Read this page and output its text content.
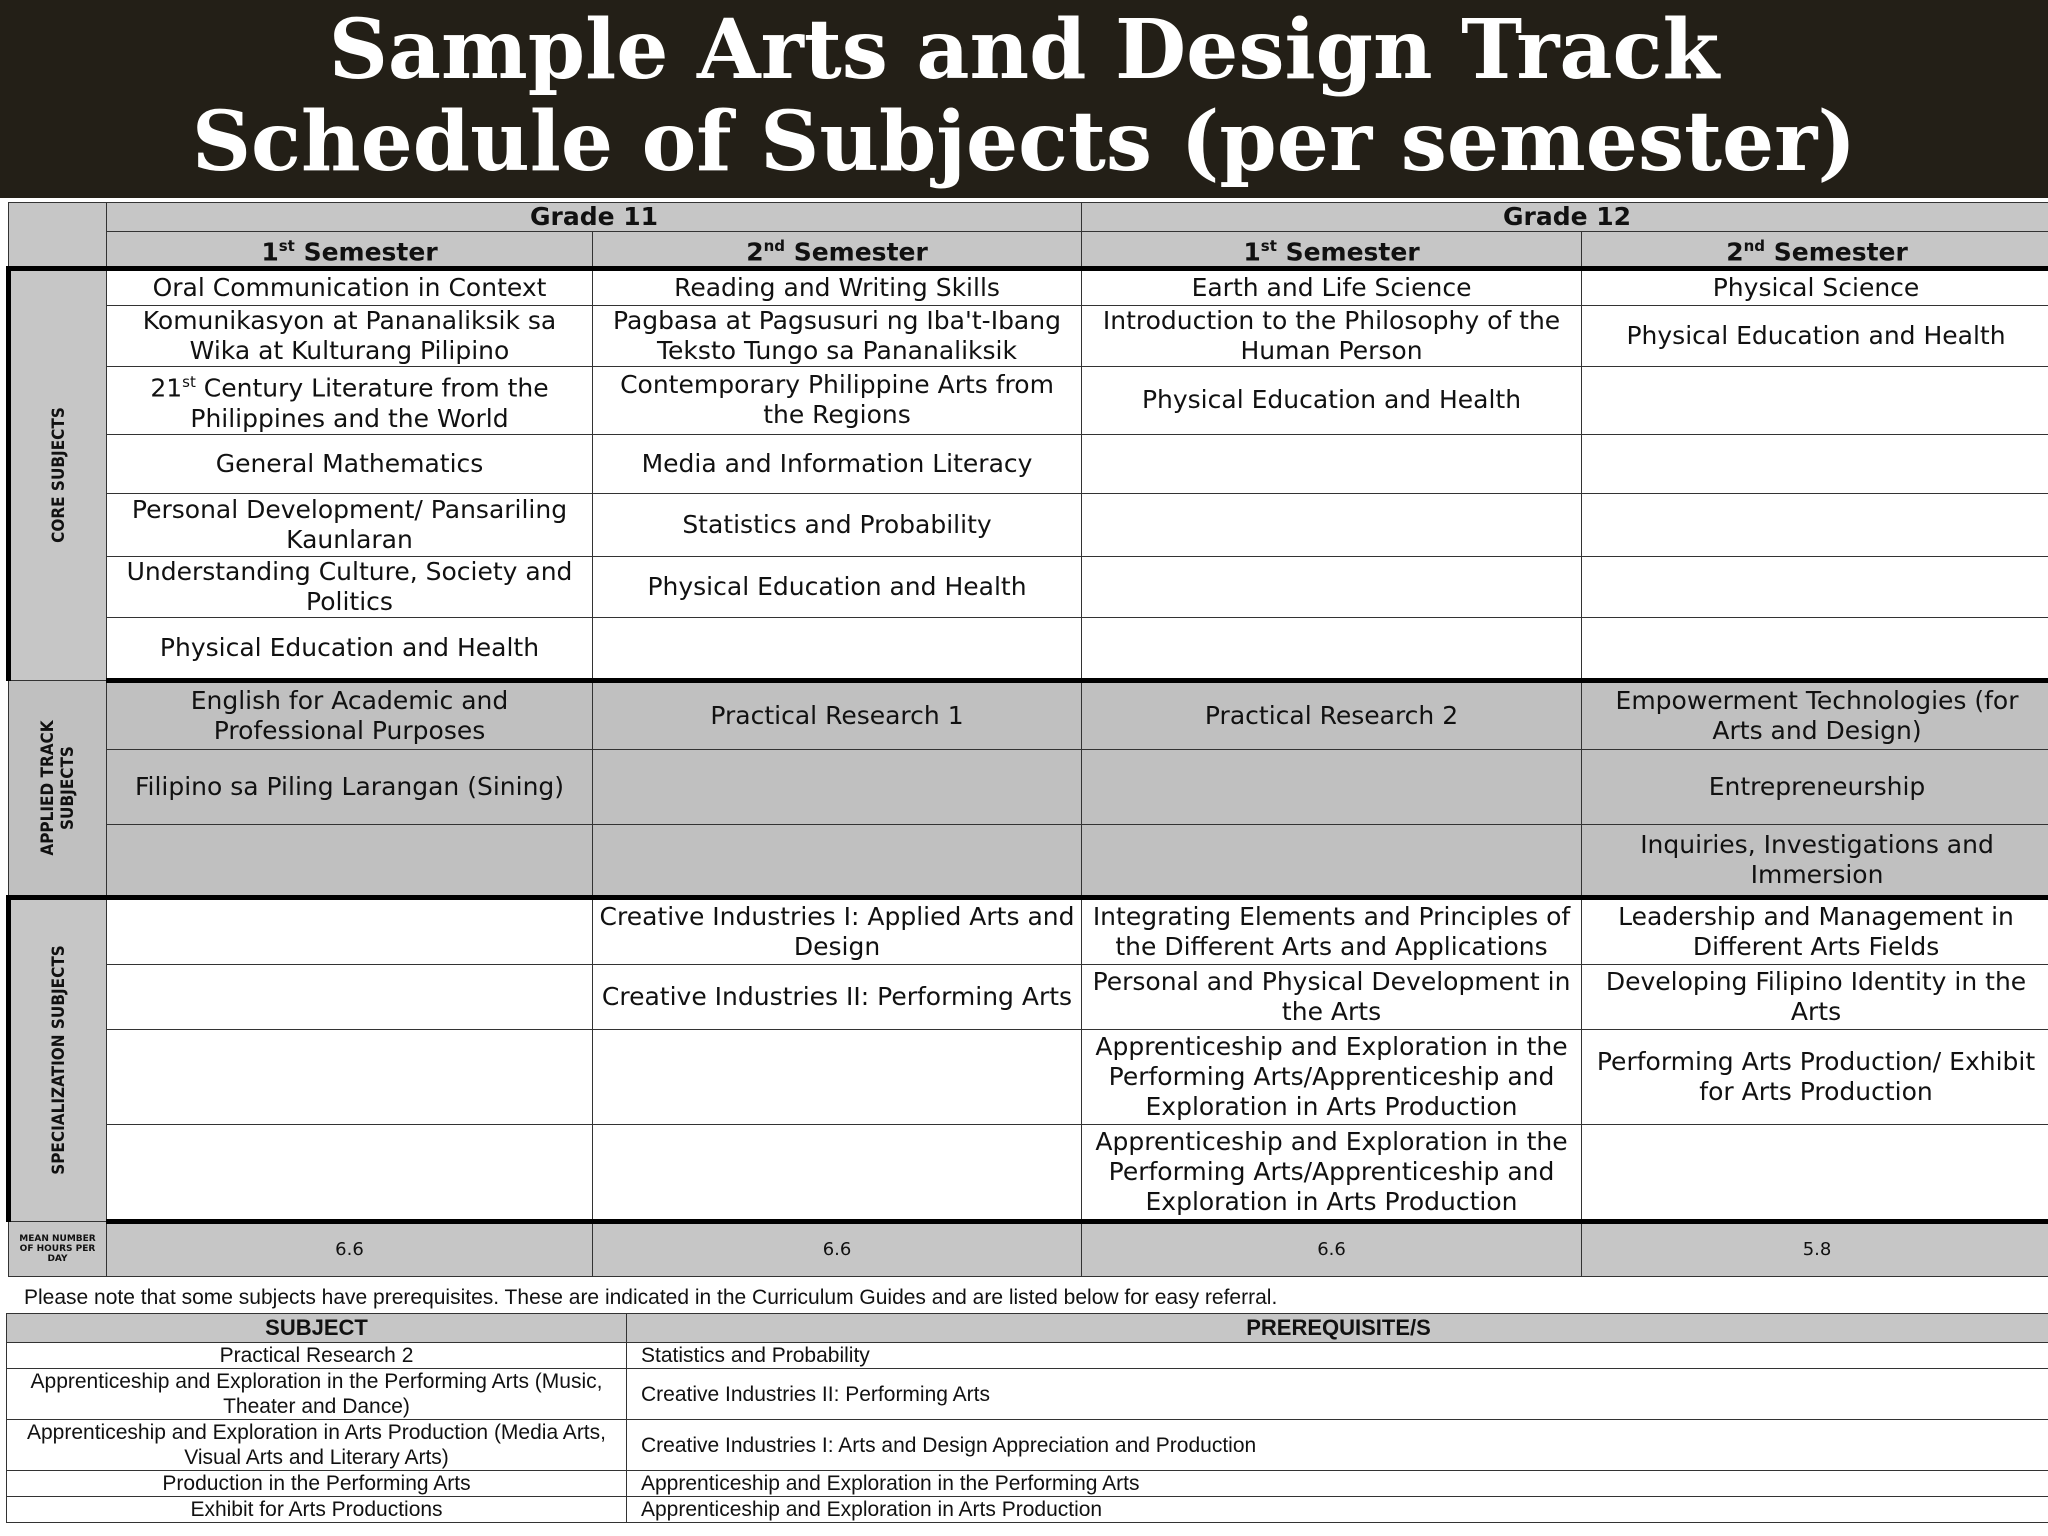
Sample Arts and Design Track
Schedule of Subjects (per semester)
	Grade 11		Grade 12	
	1st Semester	2nd Semester	1st Semester	2nd Semester

CORE SUBJECTS	Oral Communication in Context	Reading and Writing Skills	Earth and Life Science	Physical Science
	Komunikasyon at Pananaliksik sa Wika at Kulturang Pilipino	Pagbasa at Pagsusuri ng Iba't-Ibang Teksto Tungo sa Pananaliksik	Introduction to the Philosophy of the Human Person	Physical Education and Health
	21st Century Literature from the Philippines and the World	Contemporary Philippine Arts from the Regions	Physical Education and Health	
	General Mathematics	Media and Information Literacy		
	Personal Development/ Pansariling Kaunlaran	Statistics and Probability		
	Understanding Culture, Society and Politics	Physical Education and Health		
	Physical Education and Health			

APPLIED TRACK
SUBJECTS	English for Academic and Professional Purposes	Practical Research 1	Practical Research 2	Empowerment Technologies (for Arts and Design)
	Filipino sa Piling Larangan (Sining)			Entrepreneurship
				Inquiries, Investigations and Immersion

SPECIALIZATION SUBJECTS		Creative Industries I: Applied Arts and Design	Integrating Elements and Principles of the Different Arts and Applications	Leadership and Management in Different Arts Fields
		Creative Industries II: Performing Arts	Personal and Physical Development in the Arts	Developing Filipino Identity in the Arts
			Apprenticeship and Exploration in the Performing Arts/Apprenticeship and Exploration in Arts Production	Performing Arts Production/ Exhibit for Arts Production
			Apprenticeship and Exploration in the Performing Arts/Apprenticeship and Exploration in Arts Production	

MEAN NUMBER OF HOURS PER DAY	6.6	6.6	6.6	5.8
Please note that some subjects have prerequisites. These are indicated in the Curriculum Guides and are listed below for easy referral.
SUBJECT	PREREQUISITE/S
Practical Research 2	Statistics and Probability
Apprenticeship and Exploration in the Performing Arts (Music, Theater and Dance)	Creative Industries II: Performing Arts
Apprenticeship and Exploration in Arts Production (Media Arts, Visual Arts and Literary Arts)	Creative Industries I: Arts and Design Appreciation and Production
Production in the Performing Arts	Apprenticeship and Exploration in the Performing Arts
Exhibit for Arts Productions	Apprenticeship and Exploration in Arts Production
